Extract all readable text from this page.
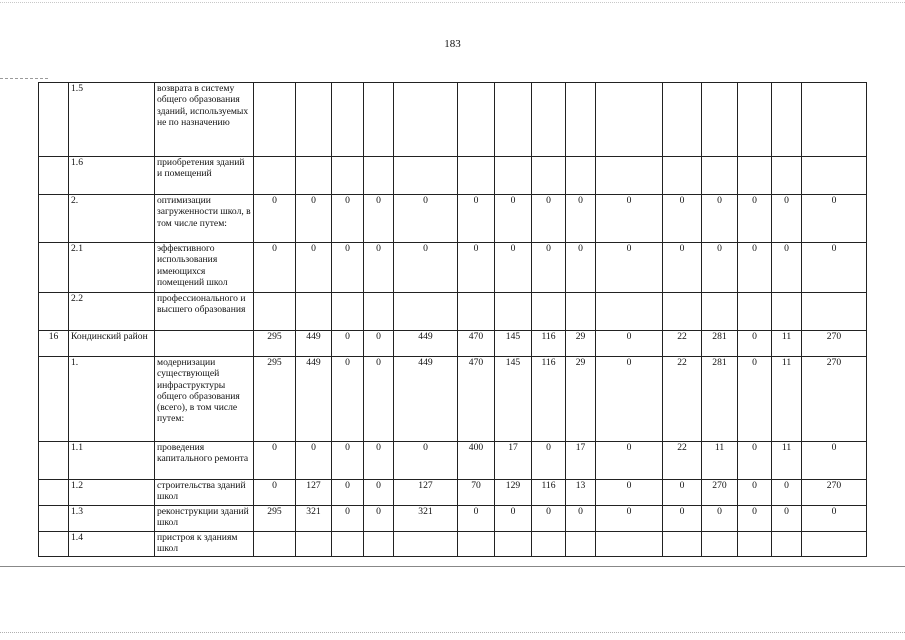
183
	1.5	возврата в систему общего образования зданий, используемых не по назначению															
	1.6	приобретения зданий и помещений															
	2.	оптимизации загруженности школ, в том числе путем:	0	0	0	0	0	0	0	0	0	0	0	0	0	0	0
	2.1	эффективного использования имеющихся помещений школ	0	0	0	0	0	0	0	0	0	0	0	0	0	0	0
	2.2	профессионального и высшего образования															
16	Кондинский район		295	449	0	0	449	470	145	116	29	0	22	281	0	11	270
	1.	модернизации существующей инфраструктуры общего образования (всего), в том числе путем:	295	449	0	0	449	470	145	116	29	0	22	281	0	11	270
	1.1	проведения капитального ремонта	0	0	0	0	0	400	17	0	17	0	22	11	0	11	0
	1.2	строительства зданий школ	0	127	0	0	127	70	129	116	13	0	0	270	0	0	270
	1.3	реконструкции зданий школ	295	321	0	0	321	0	0	0	0	0	0	0	0	0	0
	1.4	пристроя к зданиям школ															
